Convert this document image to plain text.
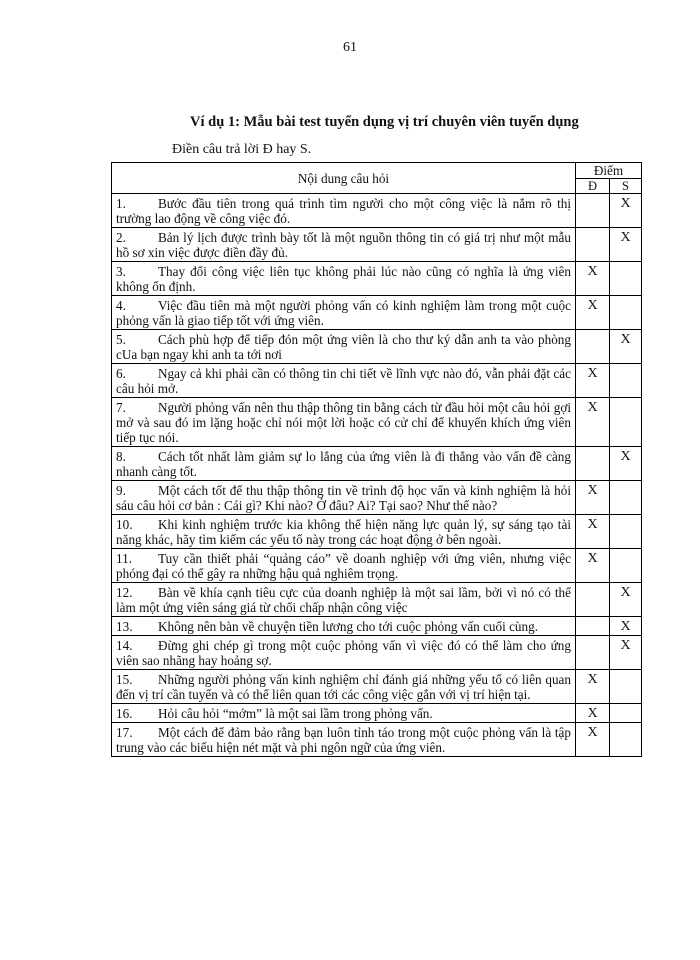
61
Ví dụ 1: Mẫu bài test tuyển dụng vị trí chuyên viên tuyển dụng
Điền câu trả lời Đ hay S.
Nội dung câu hỏi	Điểm	
	Đ	S
1. Bước đầu tiên trong quá trình tìm người cho một công việc là nắm rõ thị trường lao động về công việc đó.		X
2. Bản lý lịch được trình bày tốt là một nguồn thông tin có giá trị như một mẫu hồ sơ xin việc được điền đầy đủ.		X
3. Thay đổi công việc liên tục không phải lúc nào cũng có nghĩa là ứng viên không ổn định.	X	
4. Việc đầu tiên mà một người phỏng vấn có kinh nghiệm làm trong một cuộc phỏng vấn là giao tiếp tốt với ứng viên.	X	
5. Cách phù hợp để tiếp đón một ứng viên là cho thư ký dẫn anh ta vào phòng cUa bạn ngay khi anh ta tới nơi		X
6. Ngay cả khi phải cần có thông tin chi tiết về lĩnh vực nào đó, vẫn phải đặt các câu hỏi mở.	X	
7. Người phỏng vấn nên thu thập thông tin bằng cách từ đầu hỏi một câu hỏi gợi mở và sau đó im lặng hoặc chỉ nói một lời hoặc có cử chỉ để khuyến khích ứng viên tiếp tục nói.	X	
8. Cách tốt nhất làm giảm sự lo lắng của ứng viên là đi thẳng vào vấn đề càng nhanh càng tốt.		X
9. Một cách tốt để thu thập thông tin về trình độ học vấn và kinh nghiệm là hỏi sáu câu hỏi cơ bản : Cái gì? Khi nào? Ở đâu? Ai? Tại sao? Như thế nào?	X	
10. Khi kinh nghiệm trước kia không thể hiện năng lực quản lý, sự sáng tạo tài năng khác, hãy tìm kiếm các yếu tố này trong các hoạt động ở bên ngoài.	X	
11. Tuy cần thiết phải “quảng cáo” về doanh nghiệp với ứng viên, nhưng việc phóng đại có thể gây ra những hậu quả nghiêm trọng.	X	
12. Bàn về khía cạnh tiêu cực của doanh nghiệp là một sai lầm, bởi vì nó có thể làm một ứng viên sáng giá từ chối chấp nhận công việc		X
13. Không nên bàn về chuyện tiền lương cho tới cuộc phỏng vấn cuối cùng.		X
14. Đừng ghi chép gì trong một cuộc phỏng vấn vì việc đó có thể làm cho ứng viên sao nhãng hay hoảng sợ.		X
15. Những người phỏng vấn kinh nghiệm chỉ đánh giá những yếu tố có liên quan đến vị trí cần tuyển và có thể liên quan tới các công việc gắn với vị trí hiện tại.	X	
16. Hỏi câu hỏi “mớm” là một sai lầm trong phỏng vấn.	X	
17. Một cách để đảm bảo rằng bạn luôn tỉnh táo trong một cuộc phỏng vấn là tập trung vào các biểu hiện nét mặt và phi ngôn ngữ của ứng viên.	X	
